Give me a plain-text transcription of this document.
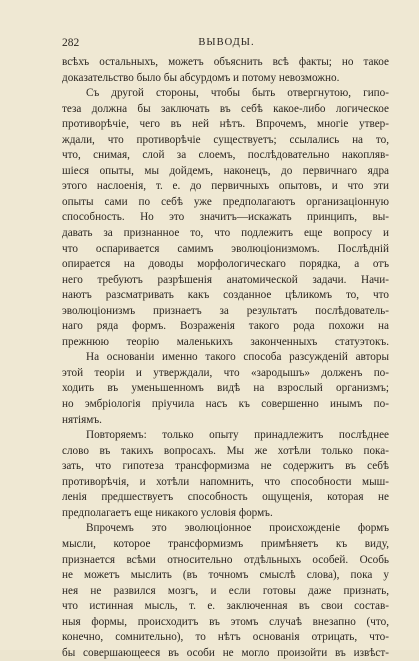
282	ВЫВОДЫ.
всѣхъ остальныхъ, можетъ объяснить всѣ факты; но такое
доказательство было бы абсурдомъ и потому невозможно.
Съ другой стороны, чтобы быть отвергнутою, гипо-
теза должна бы заключать въ себѣ какое-либо логическое
противорѣчіе, чего въ ней нѣтъ. Впрочемъ, многіе утвер-
ждали, что противорѣчіе существуетъ; ссылались на то,
что, снимая, слой за слоемъ, послѣдовательно накопляв-
шіеся опыты, мы дойдемъ, наконецъ, до первичнаго ядра
этого наслоенія, т. е. до первичныхъ опытовъ, и что эти
опыты сами по себѣ уже предполагаютъ организаціонную
способность. Но это значитъ—искажать принципъ, вы-
давать за признанное то, что подлежитъ еще вопросу и
что оспаривается самимъ эволюціонизмомъ. Послѣдній
опирается на доводы морфологическаго порядка, а отъ
него требуютъ разрѣшенія анатомической задачи. Начи-
наютъ разсматривать какъ созданное цѣликомъ то, что
эволюціонизмъ признаетъ за результатъ послѣдователь-
наго ряда формъ. Возраженія такого рода похожи на
прежнюю теорію маленькихъ законченныхъ статуэтокъ.
На основаніи именно такого способа разсужденій авторы
этой теоріи и утверждали, что «зародышъ» долженъ по-
ходить въ уменьшенномъ видѣ на взрослый организмъ;
но эмбріологія пріучила насъ къ совершенно инымъ по-
нятіямъ.
Повторяемъ: только опыту принадлежитъ послѣднее
слово въ такихъ вопросахъ. Мы же хотѣли только пока-
зать, что гипотеза трансформизма не содержитъ въ себѣ
противорѣчія, и хотѣли напомнить, что способности мыш-
ленія предшествуетъ способность ощущенія, которая не
предполагаетъ еще никакого условія формъ.
Впрочемъ это эволюціонное происхожденіе формъ
мысли, которое трансформизмъ примѣняетъ къ виду,
признается всѣми относительно отдѣльныхъ особей. Особь
не можетъ мыслить (въ точномъ смыслѣ слова), пока у
нея не развился мозгъ, и если готовы даже признать,
что истинная мысль, т. е. заключенная въ свои состав-
ныя формы, происходитъ въ этомъ случаѣ внезапно (что,
конечно, сомнительно), то нѣтъ основанія отрицать, что-
бы совершающееся въ особи не могло произойти въ извѣст-
